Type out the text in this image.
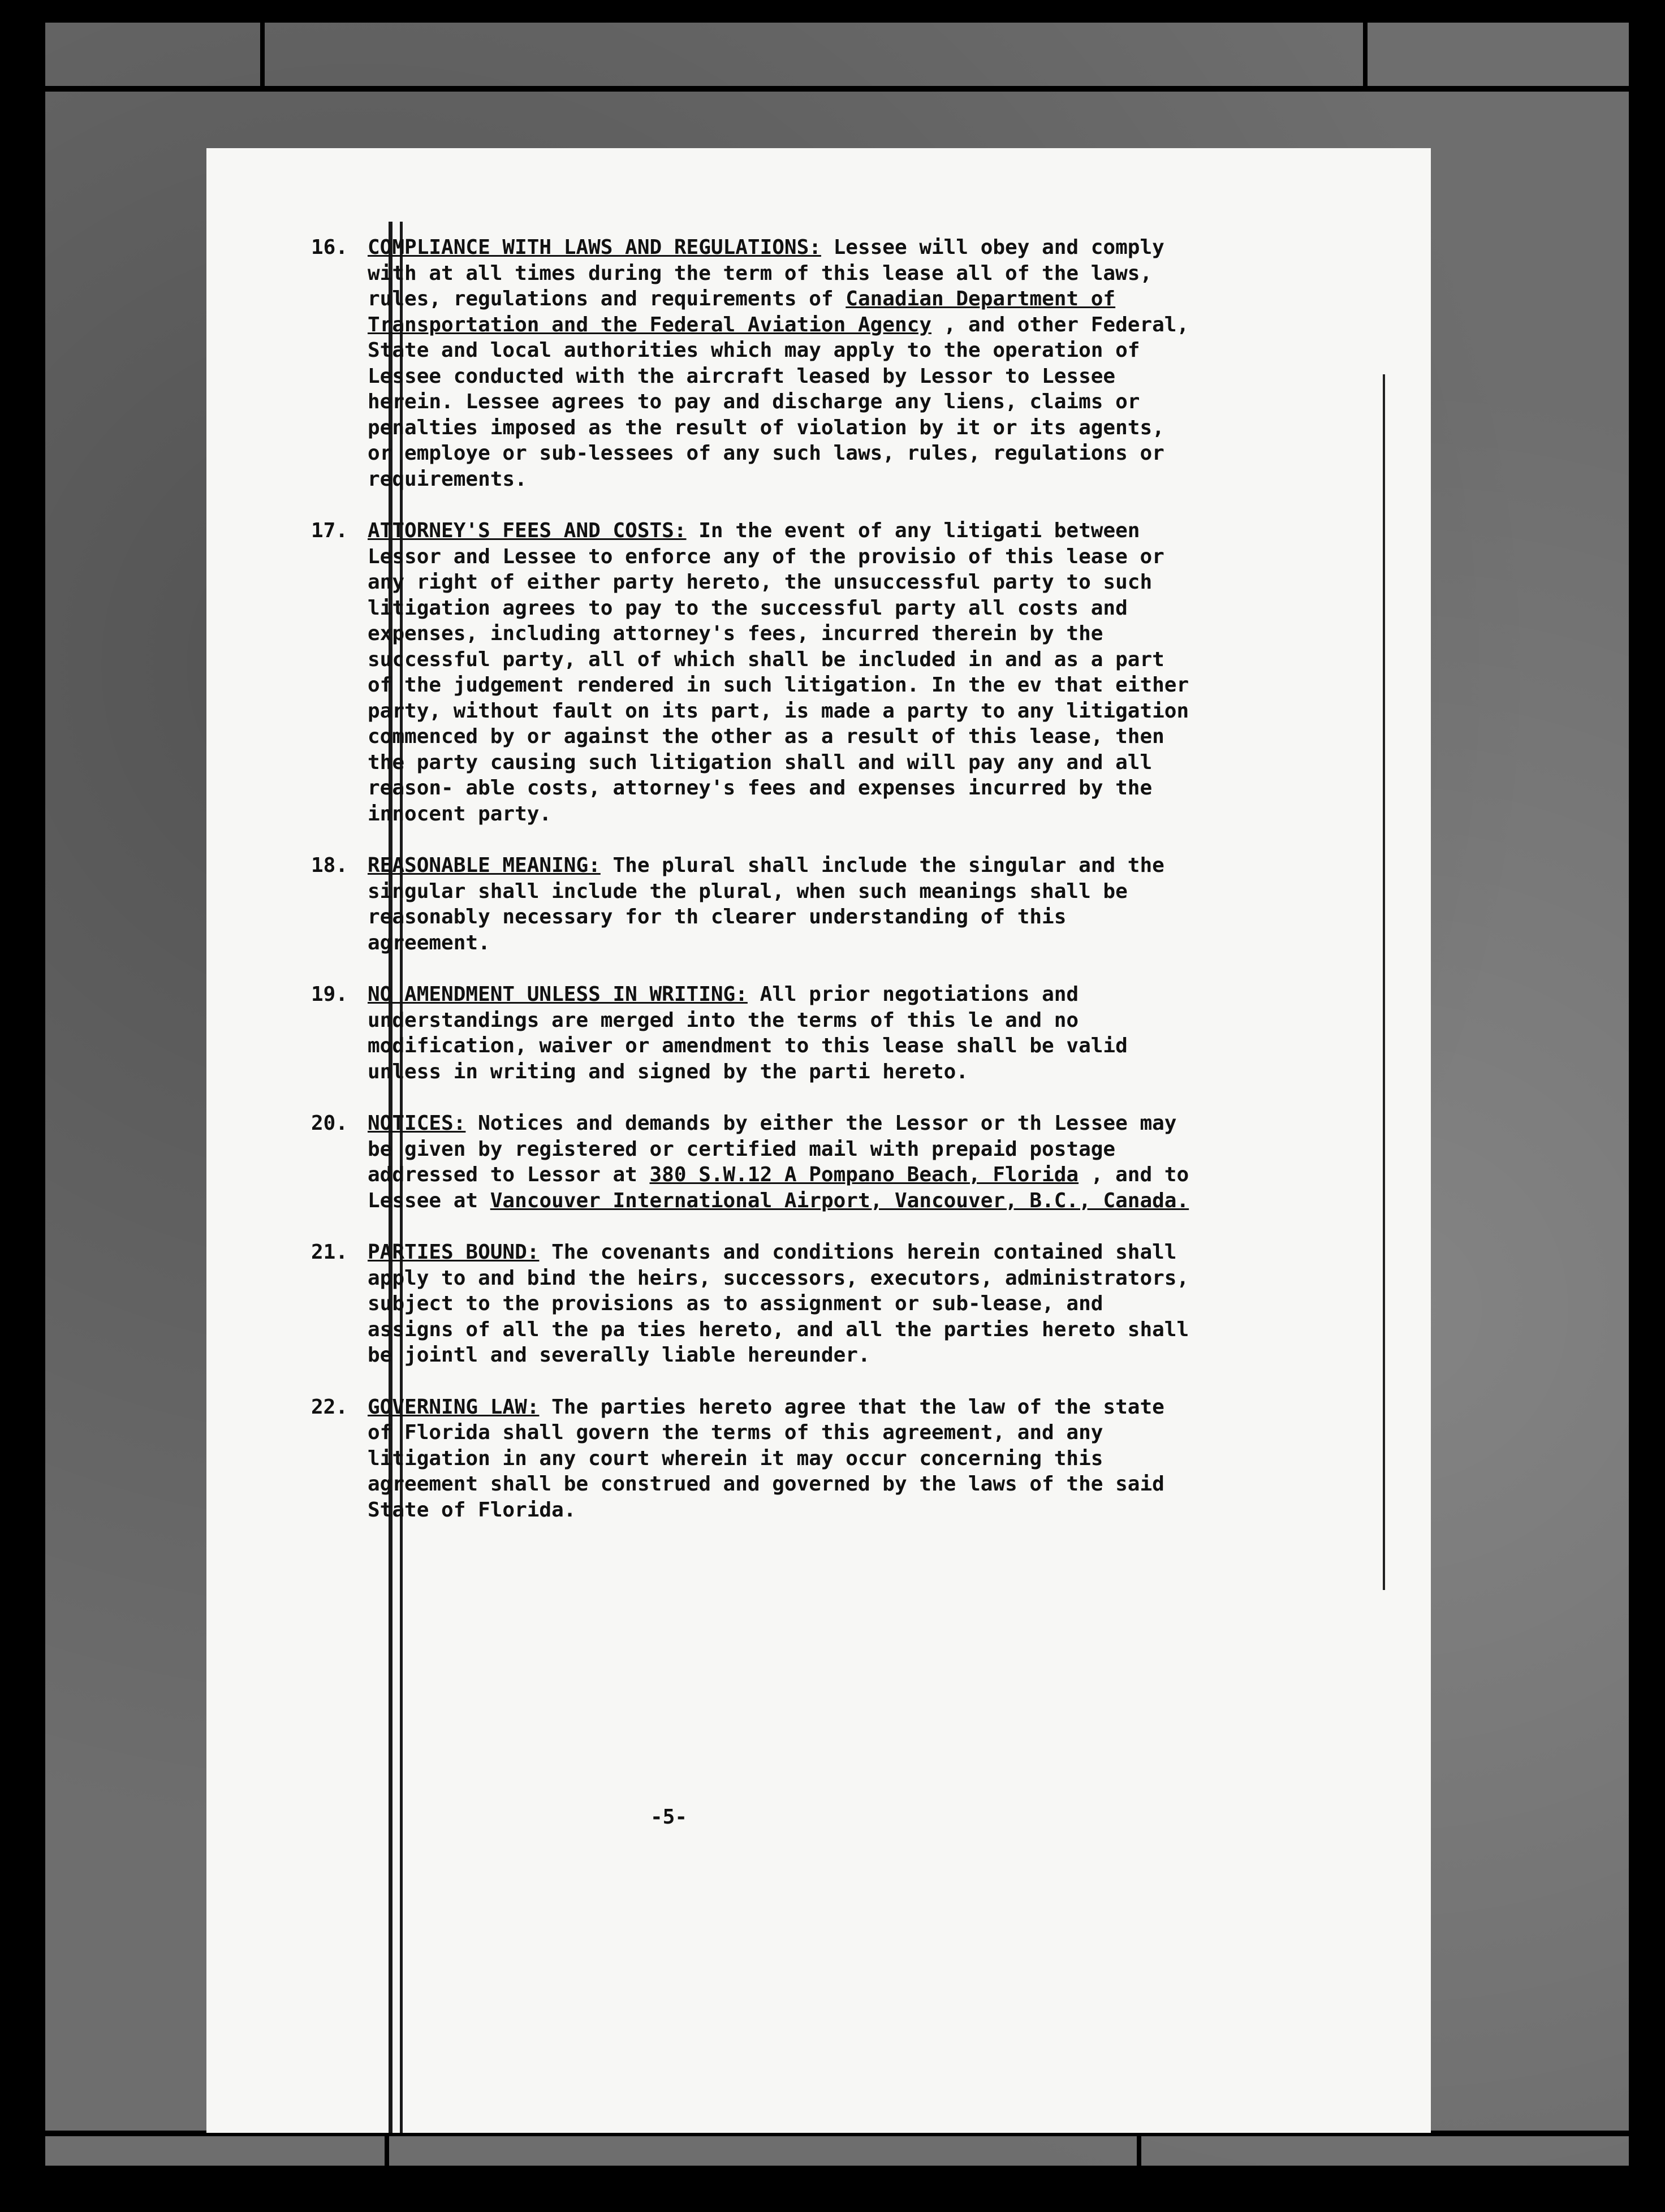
16. COMPLIANCE WITH LAWS AND REGULATIONS: Lessee will obey and comply with at all times during the term of this lease all of the laws, rules, regulations and requirements of Canadian Department of Transportation and the Federal Aviation Agency , and other Federal, State and local authorities which may apply to the operation of Lessee conducted with the aircraft leased by Lessor to Lessee herein. Lessee agrees to pay and discharge any liens, claims or penalties imposed as the result of violation by it or its agents, or employe or sub-lessees of any such laws, rules, regulations or requirements.
17. ATTORNEY'S FEES AND COSTS: In the event of any litigati between Lessor and Lessee to enforce any of the provisio of this lease or any right of either party hereto, the unsuccessful party to such litigation agrees to pay to the successful party all costs and expenses, including attorney's fees, incurred therein by the successful party, all of which shall be included in and as a part of the judgement rendered in such litigation. In the ev that either party, without fault on its part, is made a party to any litigation commenced by or against the other as a result of this lease, then the party causing such litigation shall and will pay any and all reason- able costs, attorney's fees and expenses incurred by the innocent party.
18. REASONABLE MEANING: The plural shall include the singular and the singular shall include the plural, when such meanings shall be reasonably necessary for th clearer understanding of this agreement.
19. NO AMENDMENT UNLESS IN WRITING: All prior negotiations and understandings are merged into the terms of this le and no modification, waiver or amendment to this lease shall be valid unless in writing and signed by the parti hereto.
20. NOTICES: Notices and demands by either the Lessor or th Lessee may be given by registered or certified mail with prepaid postage addressed to Lessor at 380 S.W.12 A Pompano Beach, Florida , and to Lessee at Vancouver International Airport, Vancouver, B.C., Canada.
21. PARTIES BOUND: The covenants and conditions herein contained shall apply to and bind the heirs, successors, executors, administrators, subject to the provisions as to assignment or sub-lease, and assigns of all the pa ties hereto, and all the parties hereto shall be jointl and severally liable hereunder.
22. GOVERNING LAW: The parties hereto agree that the law of the state of Florida shall govern the terms of this agreement, and any litigation in any court wherein it may occur concerning this agreement shall be construed and governed by the laws of the said State of Florida.
-5-
